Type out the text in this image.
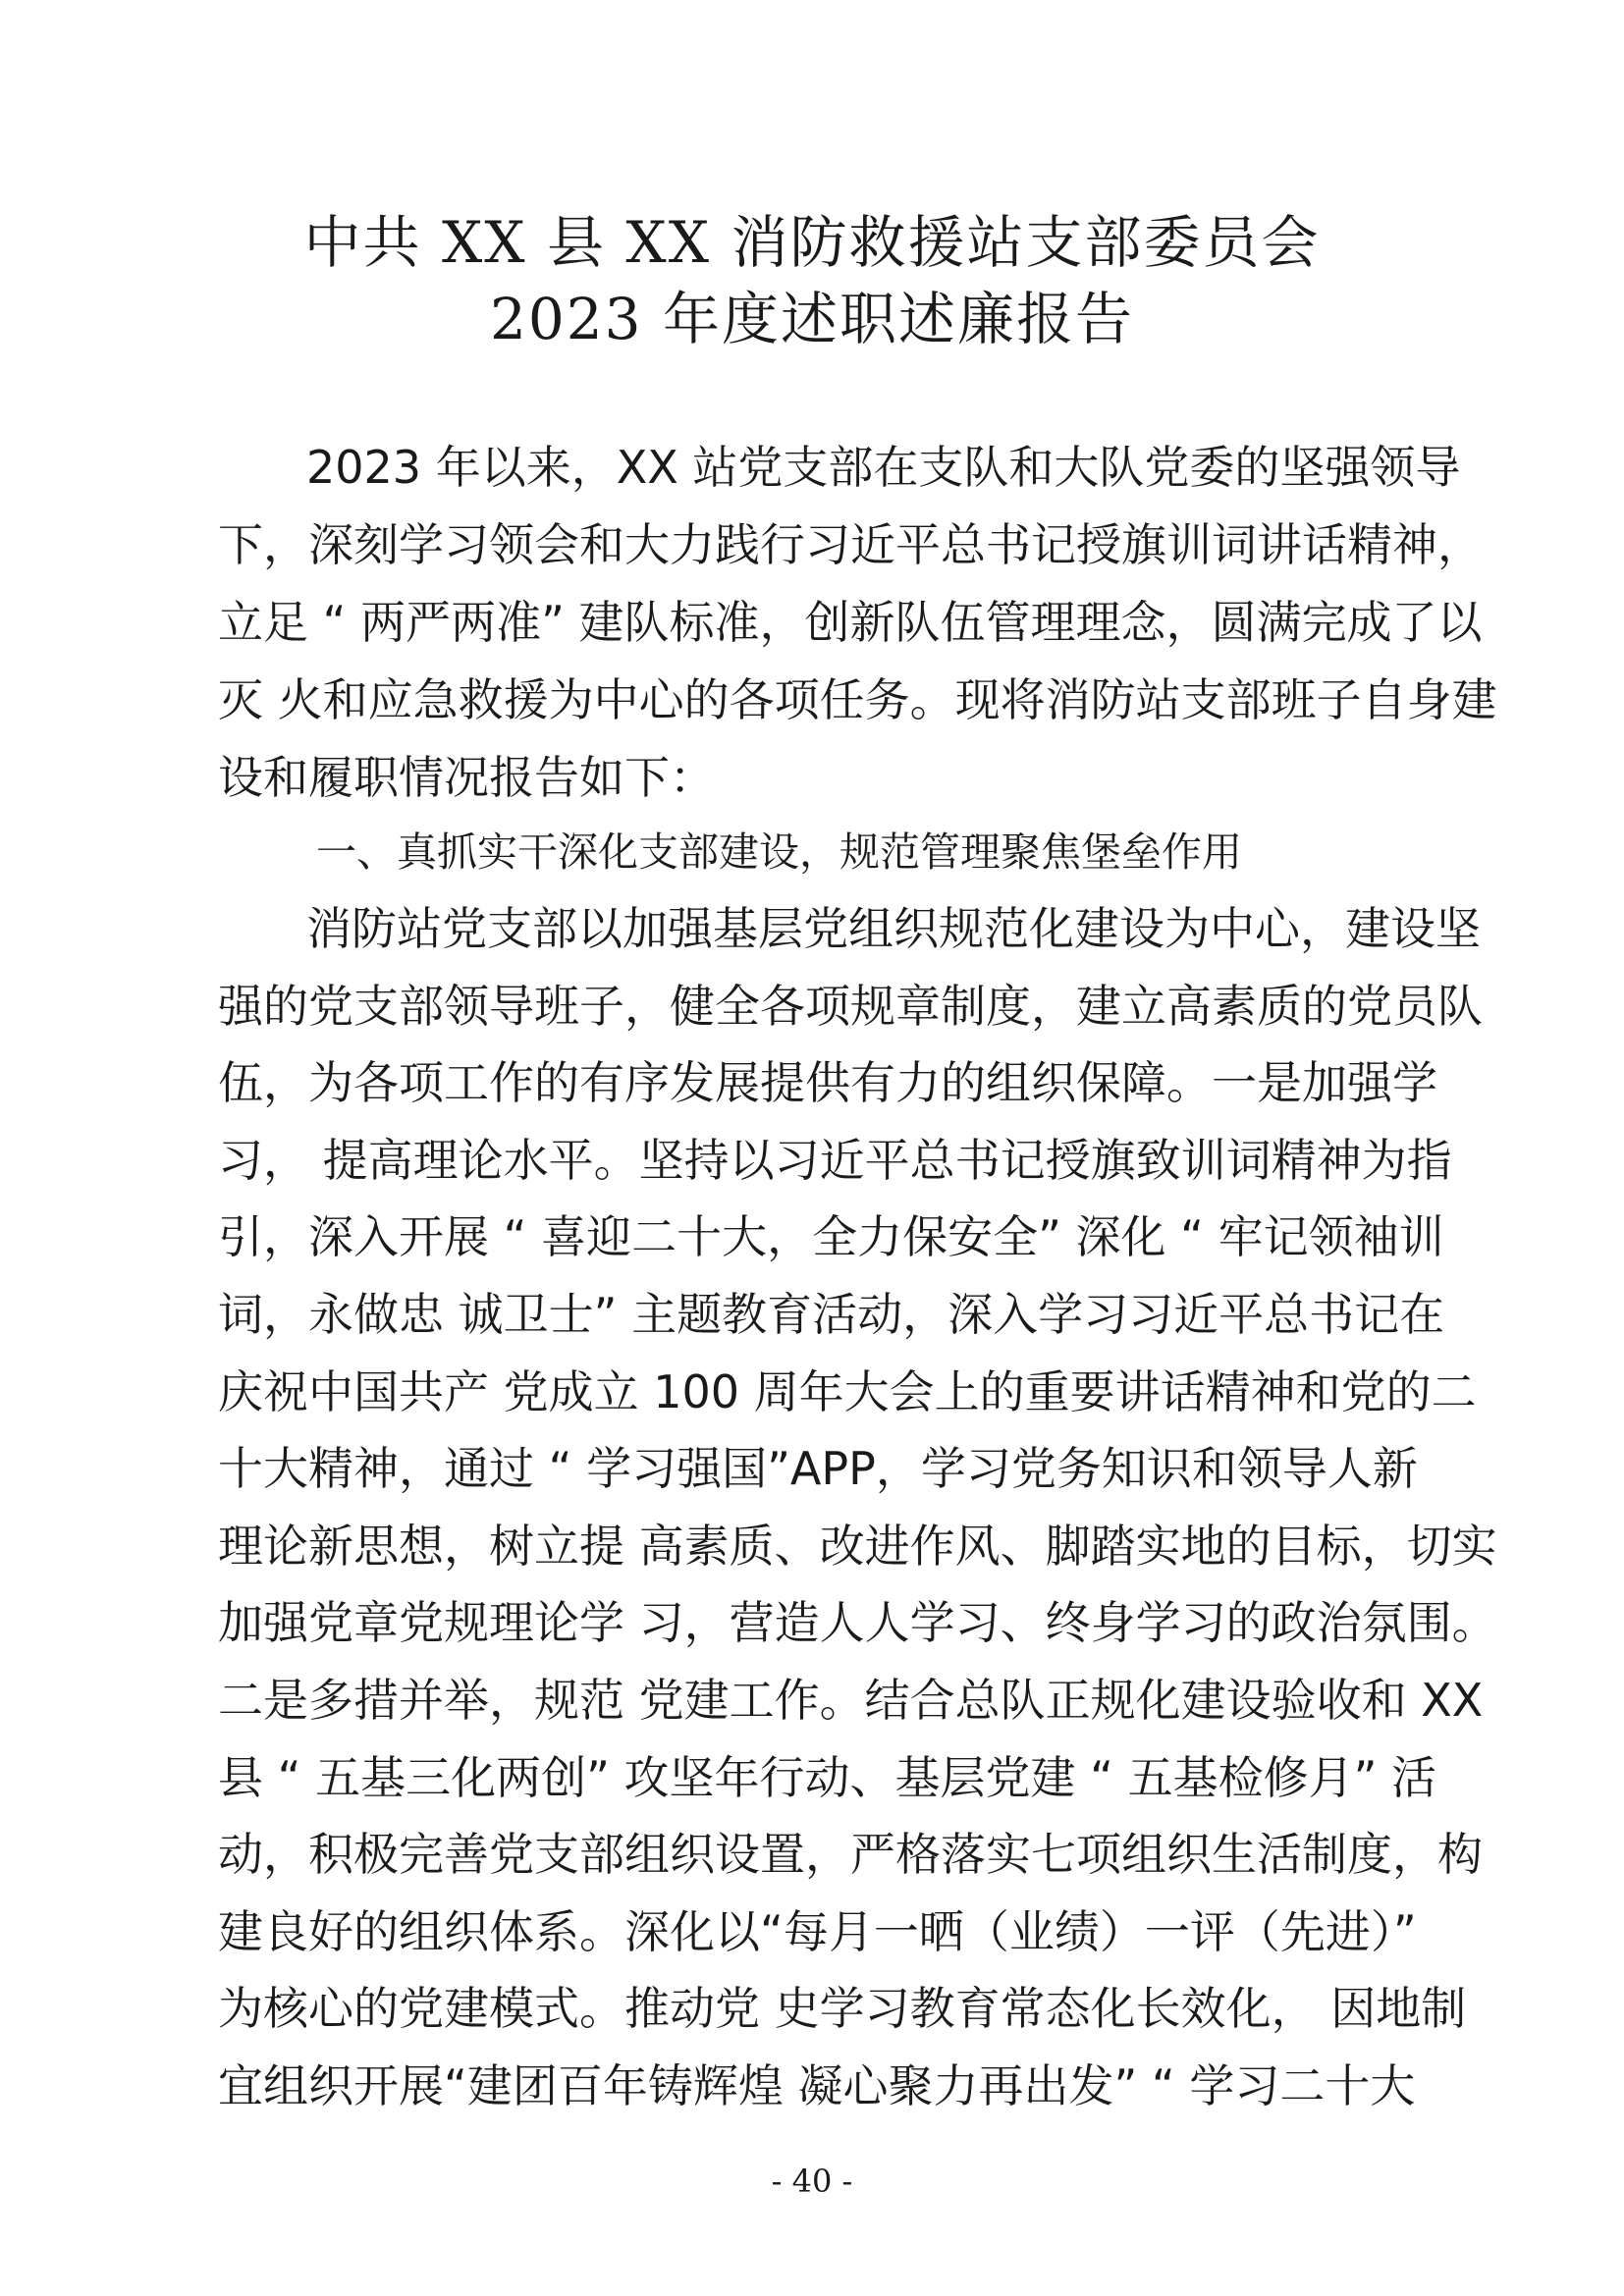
中共 XX 县 XX 消防救援站支部委员会
2023 年度述职述廉报告
2023 年以来，XX 站党支部在支队和大队党委的坚强领导
下，深刻学习领会和大力践行习近平总书记授旗训词讲话精神，
立足 “ 两严两准” 建队标准，创新队伍管理理念，圆满完成了以
灭 火和应急救援为中心的各项任务。现将消防站支部班子自身建
设和履职情况报告如下：
一、真抓实干深化支部建设，规范管理聚焦堡垒作用
消防站党支部以加强基层党组织规范化建设为中心，建设坚
强的党支部领导班子，健全各项规章制度，建立高素质的党员队
伍，为各项工作的有序发展提供有力的组织保障。一是加强学
习， 提高理论水平。坚持以习近平总书记授旗致训词精神为指
引，深入开展 “ 喜迎二十大，全力保安全” 深化 “ 牢记领袖训
词，永做忠 诚卫士” 主题教育活动，深入学习习近平总书记在
庆祝中国共产 党成立 100 周年大会上的重要讲话精神和党的二
十大精神，通过 “ 学习强国”APP，学习党务知识和领导人新
理论新思想，树立提 高素质、改进作风、脚踏实地的目标，切实
加强党章党规理论学 习，营造人人学习、终身学习的政治氛围。
二是多措并举，规范 党建工作。结合总队正规化建设验收和 XX
县 “ 五基三化两创” 攻坚年行动、基层党建 “ 五基检修月” 活
动，积极完善党支部组织设置，严格落实七项组织生活制度，构
建良好的组织体系。深化以“每月一晒（业绩）一评（先进）”
为核心的党建模式。推动党 史学习教育常态化长效化， 因地制
宜组织开展“建团百年铸辉煌 凝心聚力再出发” “ 学习二十大
- 40 -
